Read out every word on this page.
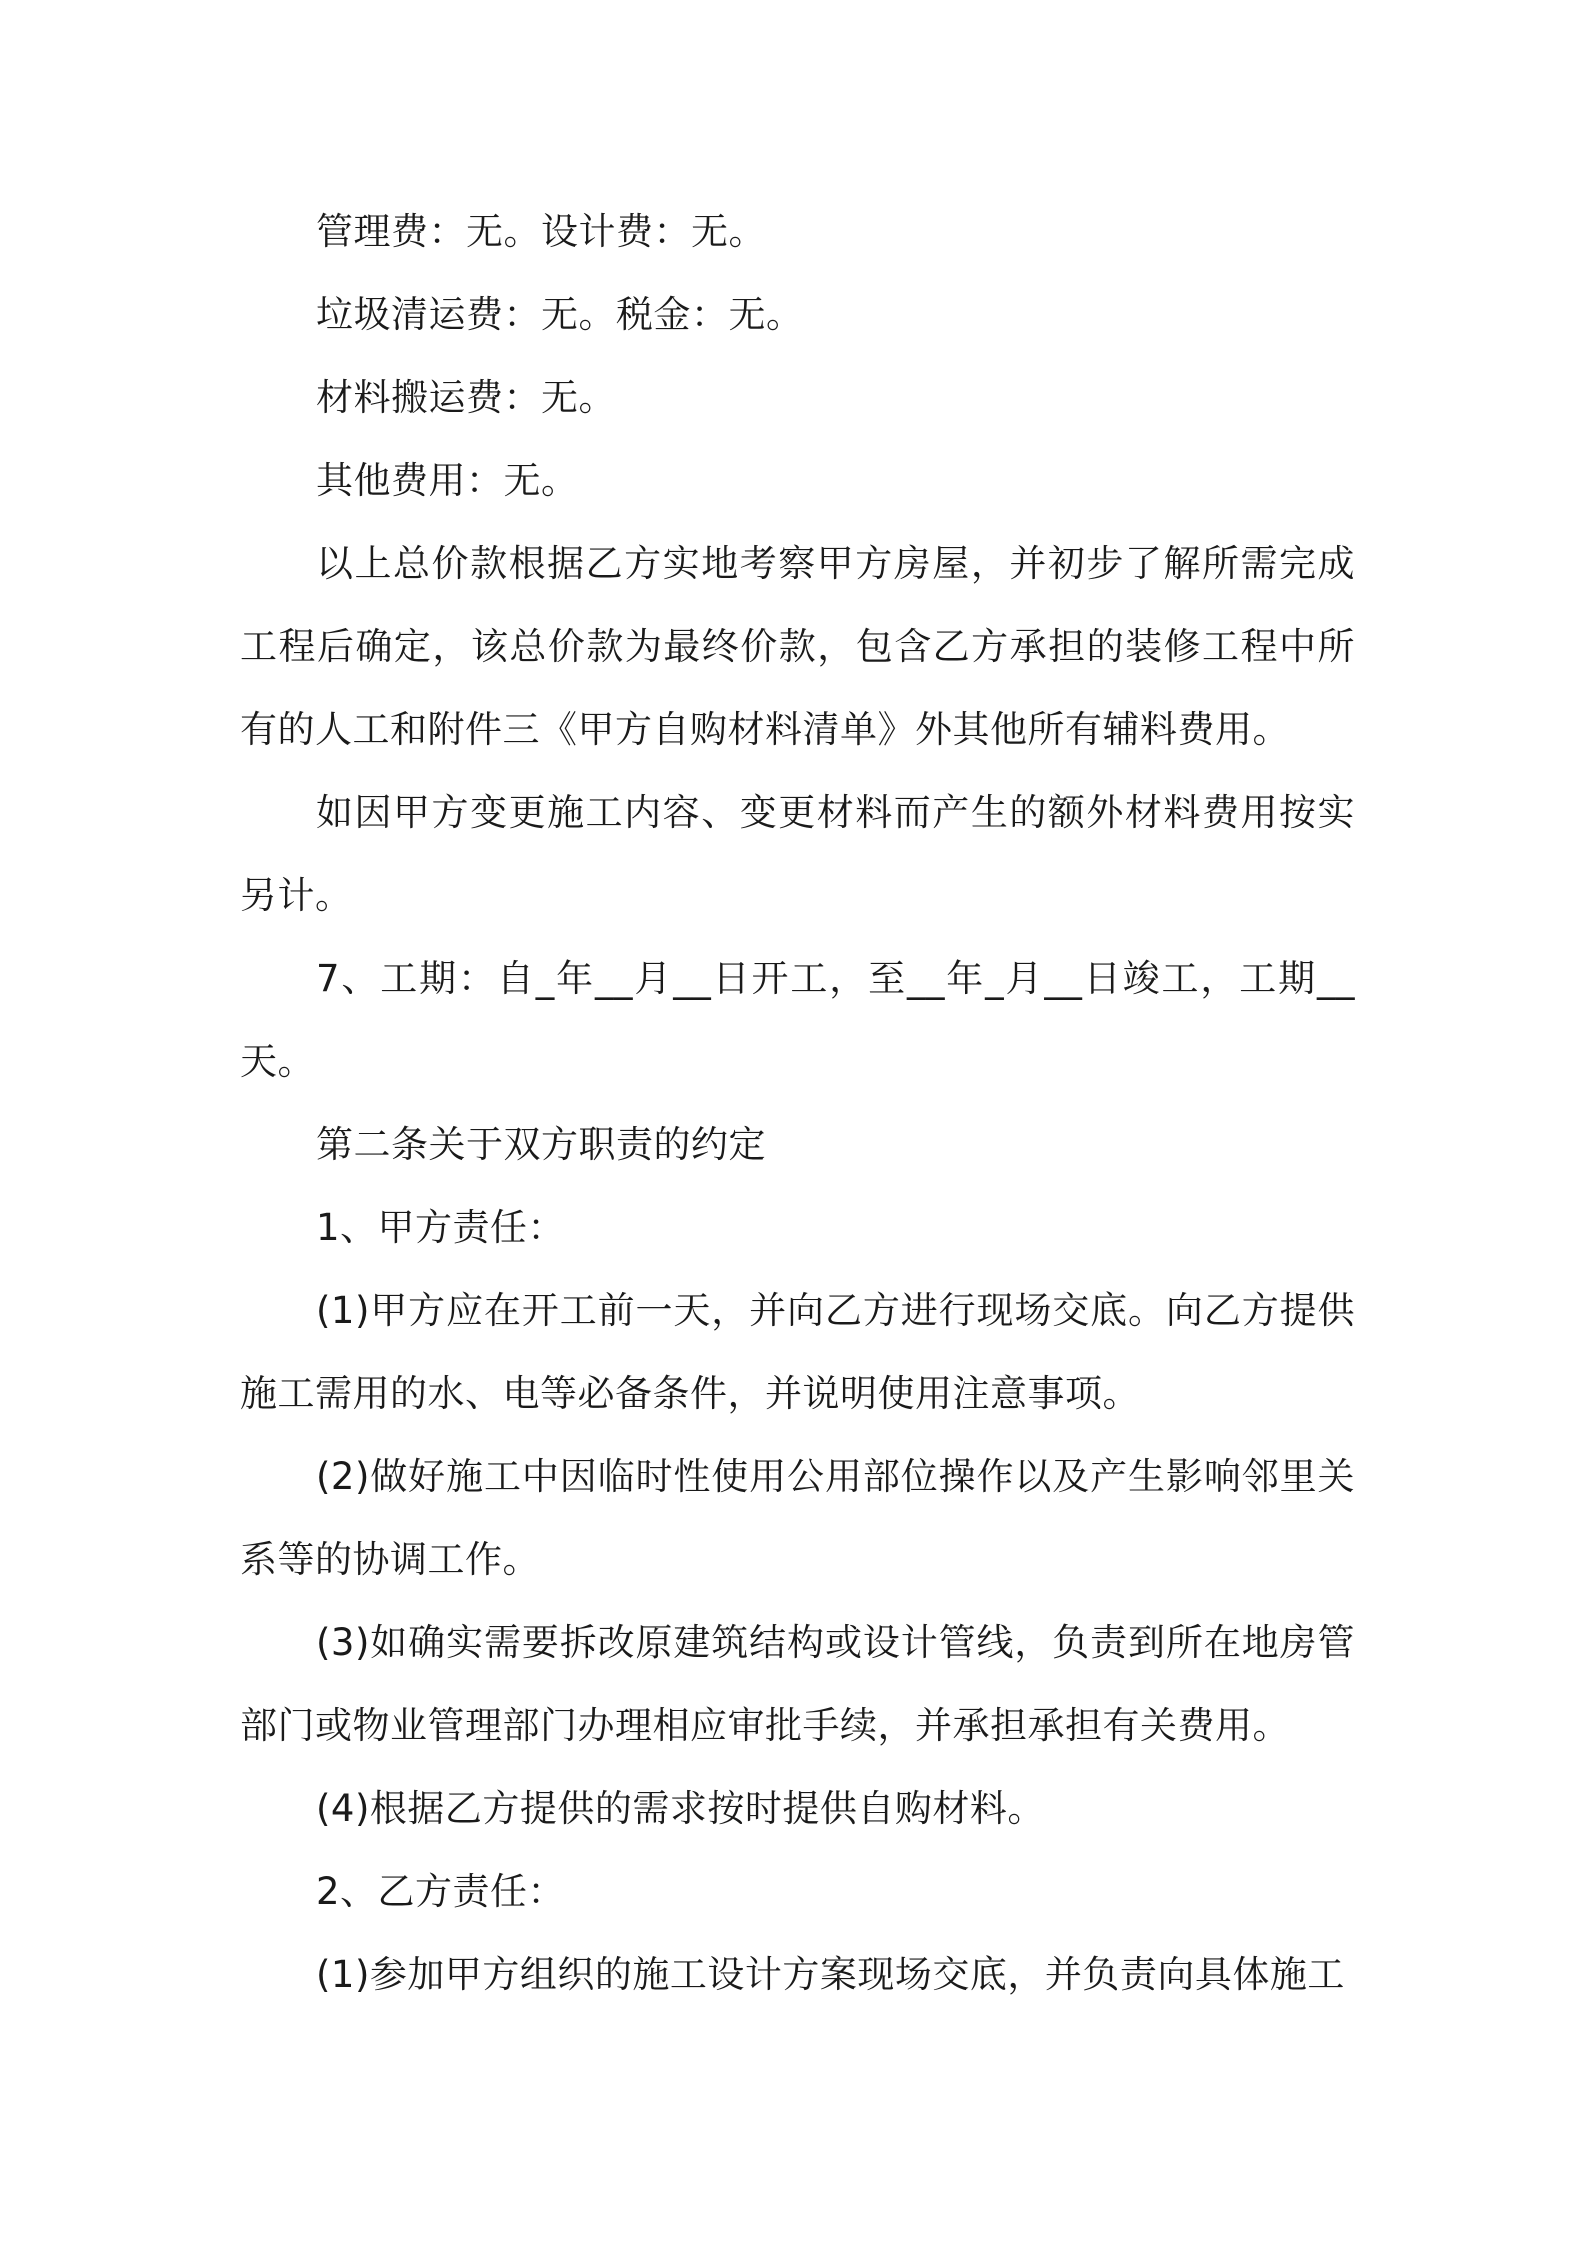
管理费：无。设计费：无。

垃圾清运费：无。税金：无。

材料搬运费：无。

其他费用：无。

以上总价款根据乙方实地考察甲方房屋，并初步了解所需完成工程后确定，该总价款为最终价款，包含乙方承担的装修工程中所有的人工和附件三《甲方自购材料清单》外其他所有辅料费用。

如因甲方变更施工内容、变更材料而产生的额外材料费用按实另计。

7、工期：自_年__月__日开工，至__年_月__日竣工，工期__天。

第二条关于双方职责的约定

1、甲方责任：

(1)甲方应在开工前一天，并向乙方进行现场交底。向乙方提供施工需用的水、电等必备条件，并说明使用注意事项。

(2)做好施工中因临时性使用公用部位操作以及产生影响邻里关系等的协调工作。

(3)如确实需要拆改原建筑结构或设计管线，负责到所在地房管部门或物业管理部门办理相应审批手续，并承担承担有关费用。

(4)根据乙方提供的需求按时提供自购材料。

2、乙方责任：

(1)参加甲方组织的施工设计方案现场交底，并负责向具体施工
